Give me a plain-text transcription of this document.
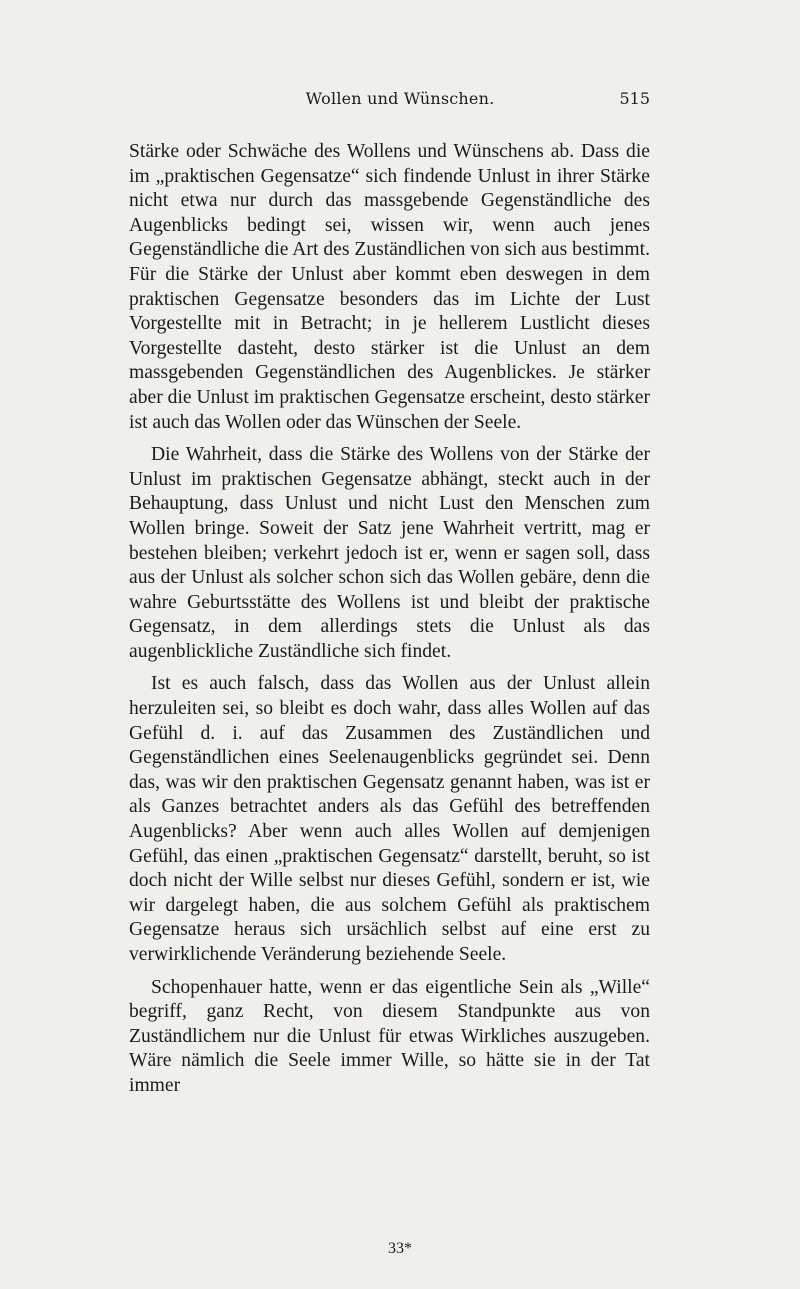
Wollen und Wünschen.	515

Stärke oder Schwäche des Wollens und Wünschens ab. Dass die im „praktischen Gegensatze“ sich findende Unlust in ihrer Stärke nicht etwa nur durch das massgebende Gegenständliche des Augenblicks bedingt sei, wissen wir, wenn auch jenes Gegenständliche die Art des Zuständlichen von sich aus bestimmt. Für die Stärke der Unlust aber kommt eben deswegen in dem praktischen Gegensatze besonders das im Lichte der Lust Vorgestellte mit in Betracht; in je hellerem Lustlicht dieses Vorgestellte dasteht, desto stärker ist die Unlust an dem massgebenden Gegenständlichen des Augenblickes. Je stärker aber die Unlust im praktischen Gegensatze erscheint, desto stärker ist auch das Wollen oder das Wünschen der Seele.

Die Wahrheit, dass die Stärke des Wollens von der Stärke der Unlust im praktischen Gegensatze abhängt, steckt auch in der Behauptung, dass Unlust und nicht Lust den Menschen zum Wollen bringe. Soweit der Satz jene Wahrheit vertritt, mag er bestehen bleiben; verkehrt jedoch ist er, wenn er sagen soll, dass aus der Unlust als solcher schon sich das Wollen gebäre, denn die wahre Geburtsstätte des Wollens ist und bleibt der praktische Gegensatz, in dem allerdings stets die Unlust als das augenblickliche Zuständliche sich findet.

Ist es auch falsch, dass das Wollen aus der Unlust allein herzuleiten sei, so bleibt es doch wahr, dass alles Wollen auf das Gefühl d. i. auf das Zusammen des Zuständlichen und Gegenständlichen eines Seelenaugenblicks gegründet sei. Denn das, was wir den praktischen Gegensatz genannt haben, was ist er als Ganzes betrachtet anders als das Gefühl des betreffenden Augenblicks? Aber wenn auch alles Wollen auf demjenigen Gefühl, das einen „praktischen Gegensatz“ darstellt, beruht, so ist doch nicht der Wille selbst nur dieses Gefühl, sondern er ist, wie wir dargelegt haben, die aus solchem Gefühl als praktischem Gegensatze heraus sich ursächlich selbst auf eine erst zu verwirklichende Veränderung beziehende Seele.

Schopenhauer hatte, wenn er das eigentliche Sein als „Wille“ begriff, ganz Recht, von diesem Standpunkte aus von Zuständlichem nur die Unlust für etwas Wirkliches auszugeben. Wäre nämlich die Seele immer Wille, so hätte sie in der Tat immer

33*
